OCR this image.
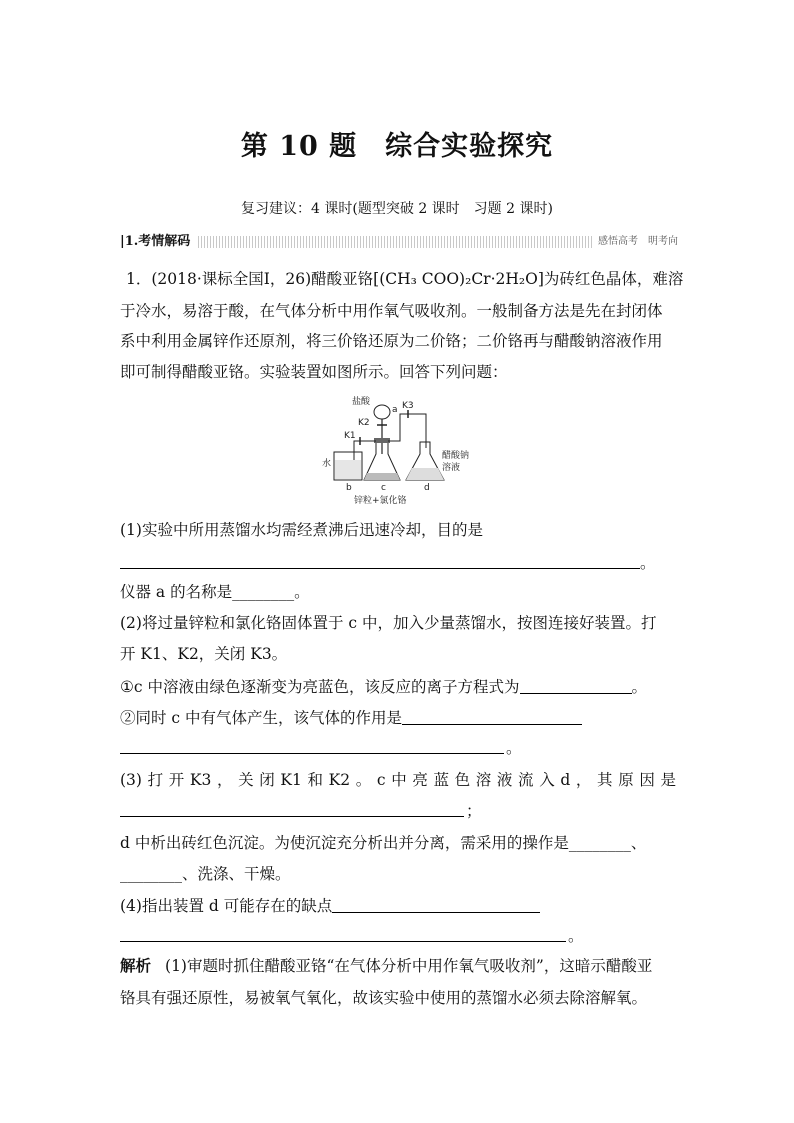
第 10 题　综合实验探究
复习建议：4 课时(题型突破 2 课时　习题 2 课时)
|1.考情解码	感悟高考　明考向
1．(2018·课标全国Ⅰ，26)醋酸亚铬[(CH₃ COO)₂Cr·2H₂O]为砖红色晶体，难溶
于冷水，易溶于酸，在气体分析中用作氧气吸收剂。一般制备方法是先在封闭体
系中利用金属锌作还原剂，将三价铬还原为二价铬；二价铬再与醋酸钠溶液作用
即可制得醋酸亚铬。实验装置如图所示。回答下列问题：
盐酸
a K3
K2
K1
水
b	c	d
醋酸钠
溶液
锌粒+氯化铬
(1)实验中所用蒸馏水均需经煮沸后迅速冷却，目的是
。
仪器 a 的名称是________。
(2)将过量锌粒和氯化铬固体置于 c 中，加入少量蒸馏水，按图连接好装置。打
开 K1、K2，关闭 K3。
①c 中溶液由绿色逐渐变为亮蓝色，该反应的离子方程式为	。
②同时 c 中有气体产生，该气体的作用是
。
(3)打开K3，关闭K1和K2。c中亮蓝色溶液流入d，其原因是
；
d 中析出砖红色沉淀。为使沉淀充分析出并分离，需采用的操作是________、
________、洗涤、干燥。
(4)指出装置 d 可能存在的缺点
。
解析 (1)审题时抓住醋酸亚铬“在气体分析中用作氧气吸收剂”，这暗示醋酸亚
铬具有强还原性，易被氧气氧化，故该实验中使用的蒸馏水必须去除溶解氧。
